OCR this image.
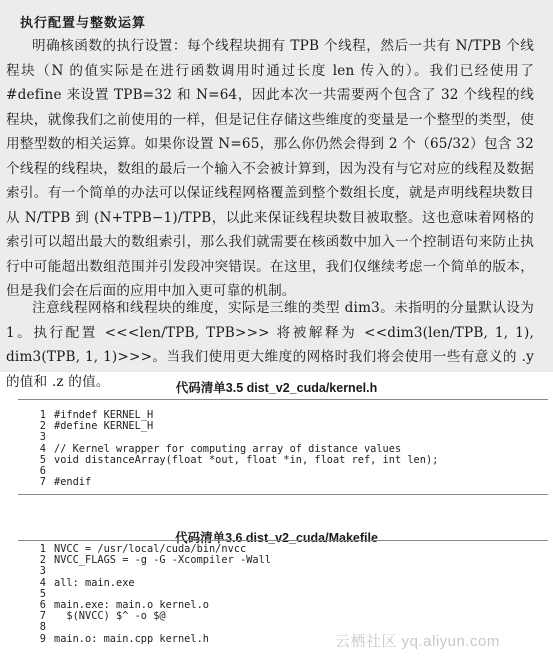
执行配置与整数运算
明确核函数的执行设置：每个线程块拥有 TPB 个线程，然后一共有 N/TPB 个线程块（N 的值实际是在进行函数调用时通过长度 len 传入的）。我们已经使用了 #define 来设置 TPB=32 和 N=64，因此本次一共需要两个包含了 32 个线程的线程块，就像我们之前使用的一样，但是记住存储这些维度的变量是一个整型的类型，使用整型数的相关运算。如果你设置 N=65，那么你仍然会得到 2 个（65/32）包含 32 个线程的线程块，数组的最后一个输入不会被计算到，因为没有与它对应的线程及数据索引。有一个简单的办法可以保证线程网格覆盖到整个数组长度，就是声明线程块数目从 N/TPB 到 (N+TPB−1)/TPB，以此来保证线程块数目被取整。这也意味着网格的索引可以超出最大的数组索引，那么我们就需要在核函数中加入一个控制语句来防止执行中可能超出数组范围并引发段冲突错误。在这里，我们仅继续考虑一个简单的版本，但是我们会在后面的应用中加入更可靠的机制。
注意线程网格和线程块的维度，实际是三维的类型 dim3。未指明的分量默认设为 1。执行配置 <<<len/TPB, TPB>>> 将被解释为 <<dim3(len/TPB, 1, 1), dim3(TPB, 1, 1)>>>。当我们使用更大维度的网格时我们将会使用一些有意义的 .y 的值和 .z 的值。	代码清单3.5 dist_v2_cuda/kernel.h
1 #ifndef KERNEL_H
2 #define KERNEL_H
3
4 // Kernel wrapper for computing array of distance values
5 void distanceArray(float *out, float *in, float ref, int len);
6
7 #endif
代码清单3.6 dist_v2_cuda/Makefile
1 NVCC = /usr/local/cuda/bin/nvcc
2 NVCC_FLAGS = -g -G -Xcompiler -Wall
3
4 all: main.exe
5
6 main.exe: main.o kernel.o
7  $(NVCC) $^ -o $@
8
9 main.o: main.cpp kernel.h	云栖社区 yq.aliyun.com
